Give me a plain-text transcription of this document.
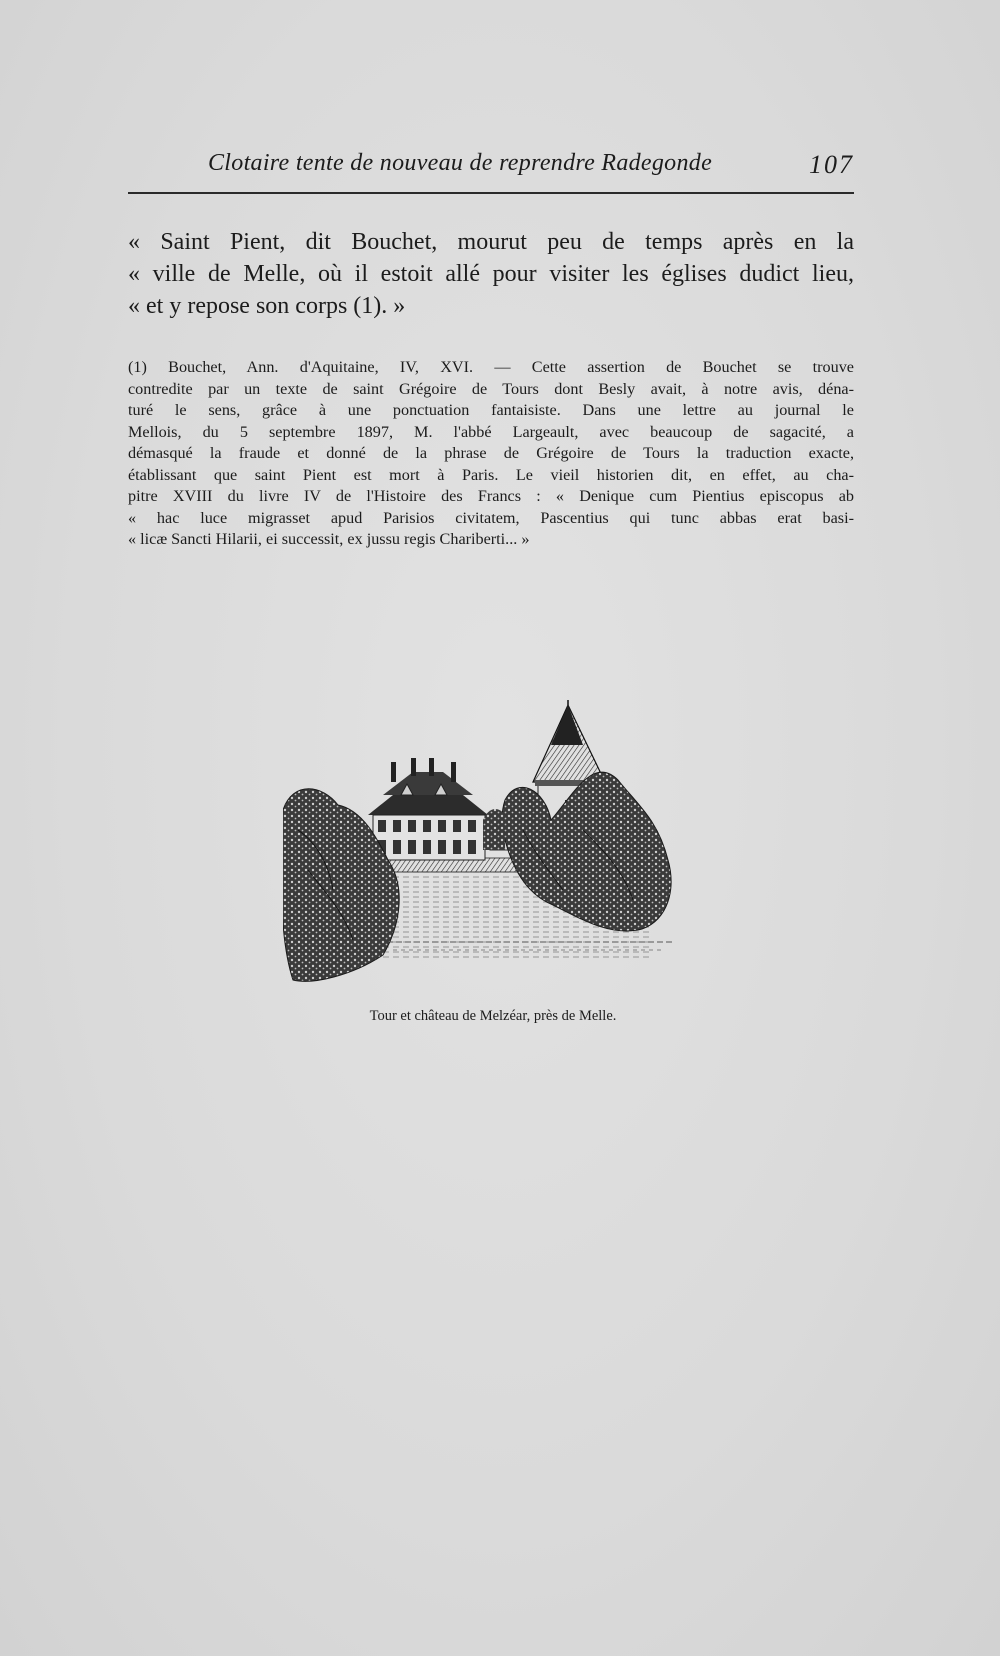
Clotaire tente de nouveau de reprendre Radegonde	107
« Saint Pient, dit Bouchet, mourut peu de temps après en la
« ville de Melle, où il estoit allé pour visiter les églises dudict lieu,
« et y repose son corps (1). »
(1) Bouchet, Ann. d'Aquitaine, IV, XVI. — Cette assertion de Bouchet se trouve
contredite par un texte de saint Grégoire de Tours dont Besly avait, à notre avis, déna-
turé le sens, grâce à une ponctuation fantaisiste. Dans une lettre au journal le
Mellois, du 5 septembre 1897, M. l'abbé Largeault, avec beaucoup de sagacité, a
démasqué la fraude et donné de la phrase de Grégoire de Tours la traduction exacte,
établissant que saint Pient est mort à Paris. Le vieil historien dit, en effet, au cha-
pitre XVIII du livre IV de l'Histoire des Francs : « Denique cum Pientius episcopus ab
« hac luce migrasset apud Parisios civitatem, Pascentius qui tunc abbas erat basi-
« licæ Sancti Hilarii, ei successit, ex jussu regis Chariberti... »
Tour et château de Melzéar, près de Melle.
